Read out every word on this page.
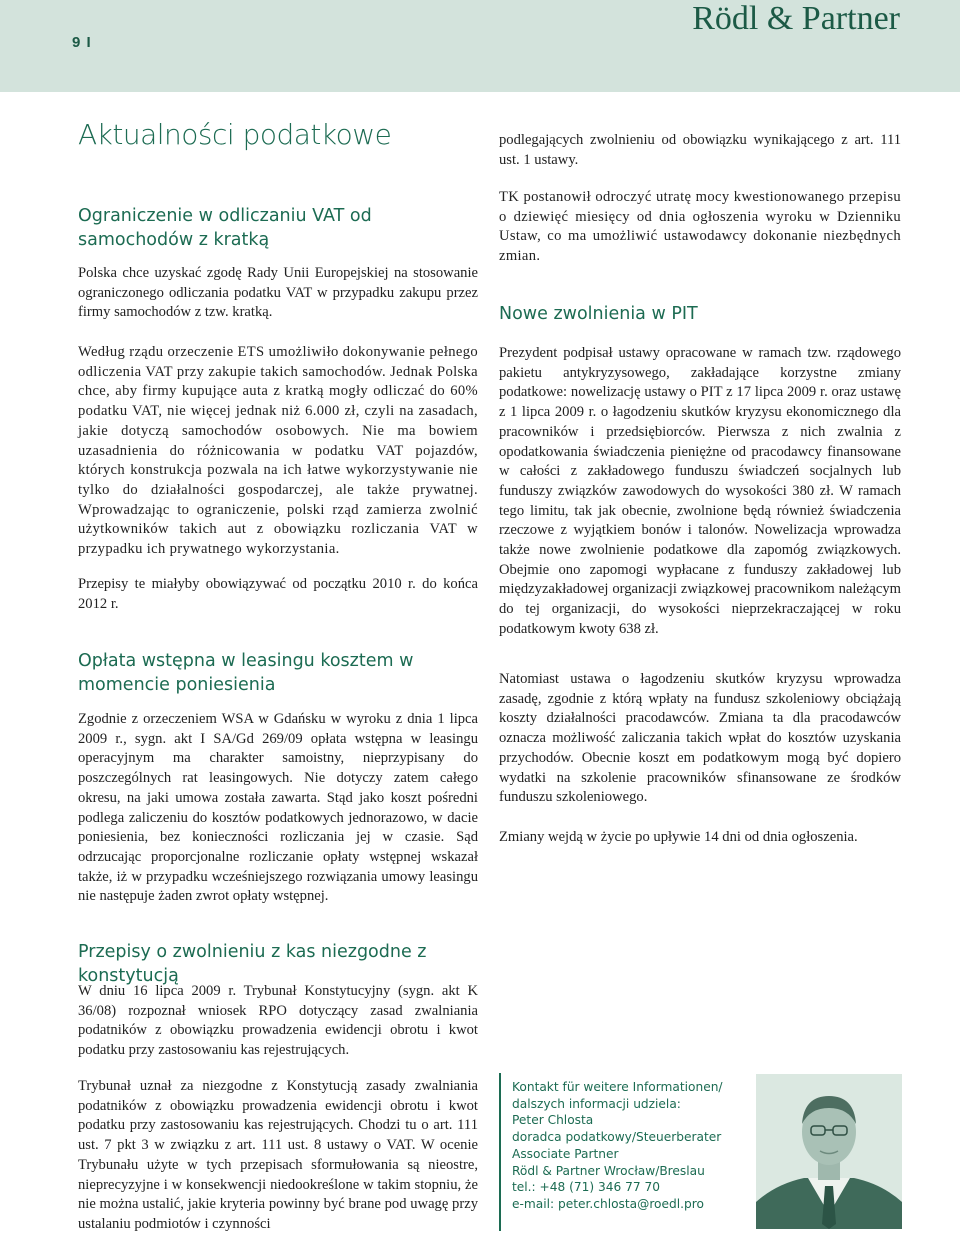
9 I
Rödl & Partner
Aktualności podatkowe
Ograniczenie w odliczaniu VAT od samochodów z kratką

Polska chce uzyskać zgodę Rady Unii Europejskiej na stosowanie ograniczonego odliczania podatku VAT w przypadku zakupu przez firmy samochodów z tzw. kratką.

Według rządu orzeczenie ETS umożliwiło dokonywanie pełnego odliczenia VAT przy zakupie takich samochodów. Jednak Polska chce, aby firmy kupujące auta z kratką mogły odliczać do 60% podatku VAT, nie więcej jednak niż 6.000 zł, czyli na zasadach, jakie dotyczą samochodów osobowych. Nie ma bowiem uzasadnienia do różnicowania w podatku VAT pojazdów, których konstrukcja pozwala na ich łatwe wykorzystywanie nie tylko do działalności gospodarczej, ale także prywatnej. Wprowadzając to ograniczenie, polski rząd zamierza zwolnić użytkowników takich aut z obowiązku rozliczania VAT w przypadku ich prywatnego wykorzystania.

Przepisy te miałyby obowiązywać od początku 2010 r. do końca 2012 r.

Opłata wstępna w leasingu kosztem w momencie poniesienia

Zgodnie z orzeczeniem WSA w Gdańsku w wyroku z dnia 1 lipca 2009 r., sygn. akt I SA/Gd 269/09 opłata wstępna w leasingu operacyjnym ma charakter samoistny, nieprzypisany do poszczególnych rat leasingowych. Nie dotyczy zatem całego okresu, na jaki umowa została zawarta. Stąd jako koszt pośredni podlega zaliczeniu do kosztów podatkowych jednorazowo, w dacie poniesienia, bez konieczności rozliczania jej w czasie. Sąd odrzucając proporcjonalne rozliczanie opłaty wstępnej wskazał także, iż w przypadku wcześniejszego rozwiązania umowy leasingu nie następuje żaden zwrot opłaty wstępnej.

Przepisy o zwolnieniu z kas niezgodne z konstytucją

W dniu 16 lipca 2009 r. Trybunał Konstytucyjny (sygn. akt K 36/08) rozpoznał wniosek RPO dotyczący zasad zwalniania podatników z obowiązku prowadzenia ewidencji obrotu i kwot podatku przy zastosowaniu kas rejestrujących.

Trybunał uznał za niezgodne z Konstytucją zasady zwalniania podatników z obowiązku prowadzenia ewidencji obrotu i kwot podatku przy zastosowaniu kas rejestrujących. Chodzi tu o art. 111 ust. 7 pkt 3 w związku z art. 111 ust. 8 ustawy o VAT. W ocenie Trybunału użyte w tych przepisach sformułowania są nieostre, nieprecyzyjne i w konsekwencji niedookreślone w takim stopniu, że nie można ustalić, jakie kryteria powinny być brane pod uwagę przy ustalaniu podmiotów i czynności

podlegających zwolnieniu od obowiązku wynikającego z art. 111 ust. 1 ustawy.

TK postanowił odroczyć utratę mocy kwestionowanego przepisu o dziewięć miesięcy od dnia ogłoszenia wyroku w Dzienniku Ustaw, co ma umożliwić ustawodawcy dokonanie niezbędnych zmian.

Nowe zwolnienia w PIT

Prezydent podpisał ustawy opracowane w ramach tzw. rządowego pakietu antykryzysowego, zakładające korzystne zmiany podatkowe: nowelizację ustawy o PIT z 17 lipca 2009 r. oraz ustawę z 1 lipca 2009 r. o łagodzeniu skutków kryzysu ekonomicznego dla pracowników i przedsiębiorców. Pierwsza z nich zwalnia z opodatkowania świadczenia pieniężne od pracodawcy finansowane w całości z zakładowego funduszu świadczeń socjalnych lub funduszy związków zawodowych do wysokości 380 zł. W ramach tego limitu, tak jak obecnie, zwolnione będą również świadczenia rzeczowe z wyjątkiem bonów i talonów. Nowelizacja wprowadza także nowe zwolnienie podatkowe dla zapomóg związkowych. Obejmie ono zapomogi wypłacane z funduszy zakładowej lub międzyzakładowej organizacji związkowej pracownikom należącym do tej organizacji, do wysokości nieprzekraczającej w roku podatkowym kwoty 638 zł.

Natomiast ustawa o łagodzeniu skutków kryzysu wprowadza zasadę, zgodnie z którą wpłaty na fundusz szkoleniowy obciążają koszty działalności pracodawców. Zmiana ta dla pracodawców oznacza możliwość zaliczania takich wpłat do kosztów uzyskania przychodów. Obecnie koszt em podatkowym mogą być dopiero wydatki na szkolenie pracowników sfinansowane ze środków funduszu szkoleniowego.

Zmiany wejdą w życie po upływie 14 dni od dnia ogłoszenia.

Kontakt für weitere Informationen/
dalszych informacji udziela:
Peter Chlosta
doradca podatkowy/Steuerberater
Associate Partner
Rödl & Partner Wrocław/Breslau
tel.: +48 (71) 346 77 70
e-mail: peter.chlosta@roedl.pro
